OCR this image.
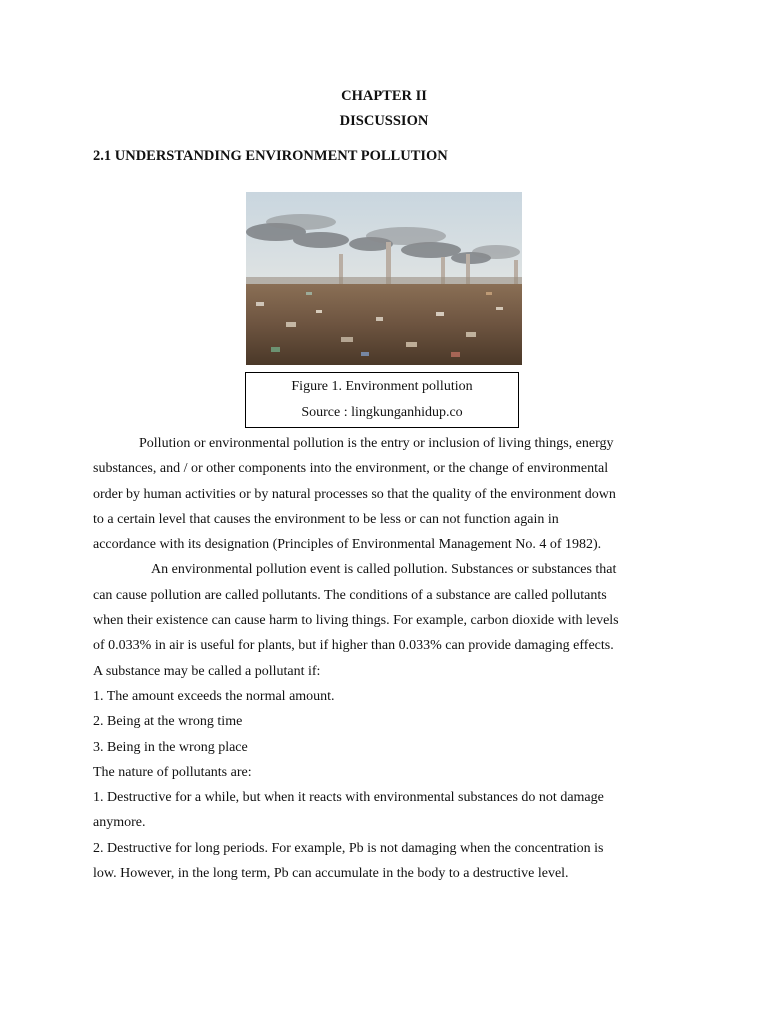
CHAPTER II
DISCUSSION
2.1 UNDERSTANDING ENVIRONMENT POLLUTION
Figure 1. Environment pollution
Source : lingkunganhidup.co
Pollution or environmental pollution is the entry or inclusion of living things, energy
substances, and / or other components into the environment, or the change of environmental
order by human activities or by natural processes so that the quality of the environment down
to a certain level that causes the environment to be less or can not function again in
accordance with its designation (Principles of Environmental Management No. 4 of 1982).
An environmental pollution event is called pollution. Substances or substances that
can cause pollution are called pollutants. The conditions of a substance are called pollutants
when their existence can cause harm to living things. For example, carbon dioxide with levels
of 0.033% in air is useful for plants, but if higher than 0.033% can provide damaging effects.
A substance may be called a pollutant if:
1. The amount exceeds the normal amount.
2. Being at the wrong time
3. Being in the wrong place
The nature of pollutants are:
1. Destructive for a while, but when it reacts with environmental substances do not damage
anymore.
2. Destructive for long periods. For example, Pb is not damaging when the concentration is
low. However, in the long term, Pb can accumulate in the body to a destructive level.
